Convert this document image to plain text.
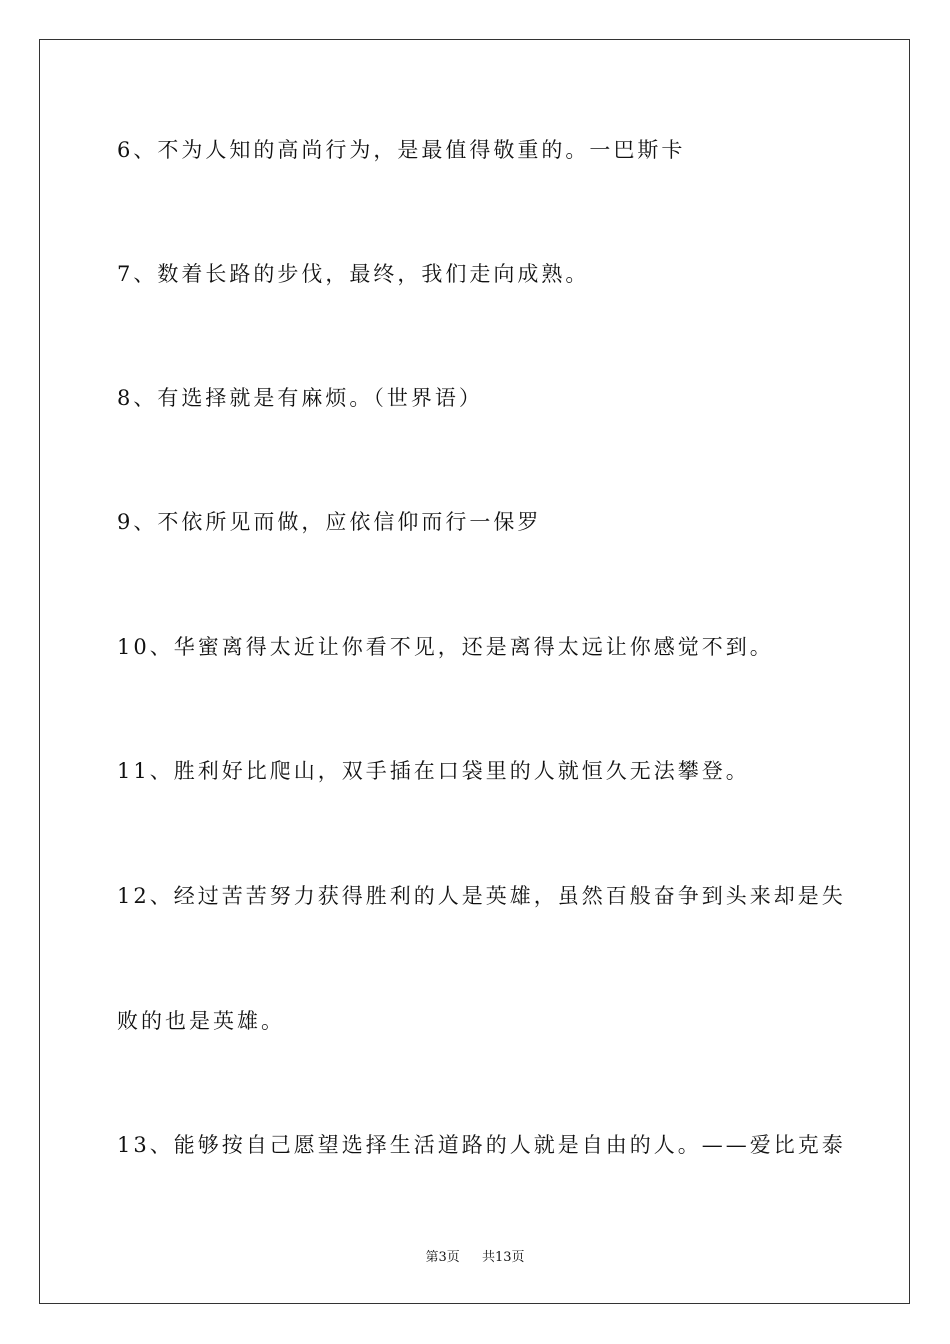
6、不为人知的高尚行为，是最值得敬重的。一巴斯卡
7、数着长路的步伐，最终，我们走向成熟。
8、有选择就是有麻烦。（世界语）
9、不依所见而做，应依信仰而行一保罗
10、华蜜离得太近让你看不见，还是离得太远让你感觉不到。
11、胜利好比爬山，双手插在口袋里的人就恒久无法攀登。
12、经过苦苦努力获得胜利的人是英雄，虽然百般奋争到头来却是失
败的也是英雄。
13、能够按自己愿望选择生活道路的人就是自由的人。——爱比克泰
第3页 共13页
